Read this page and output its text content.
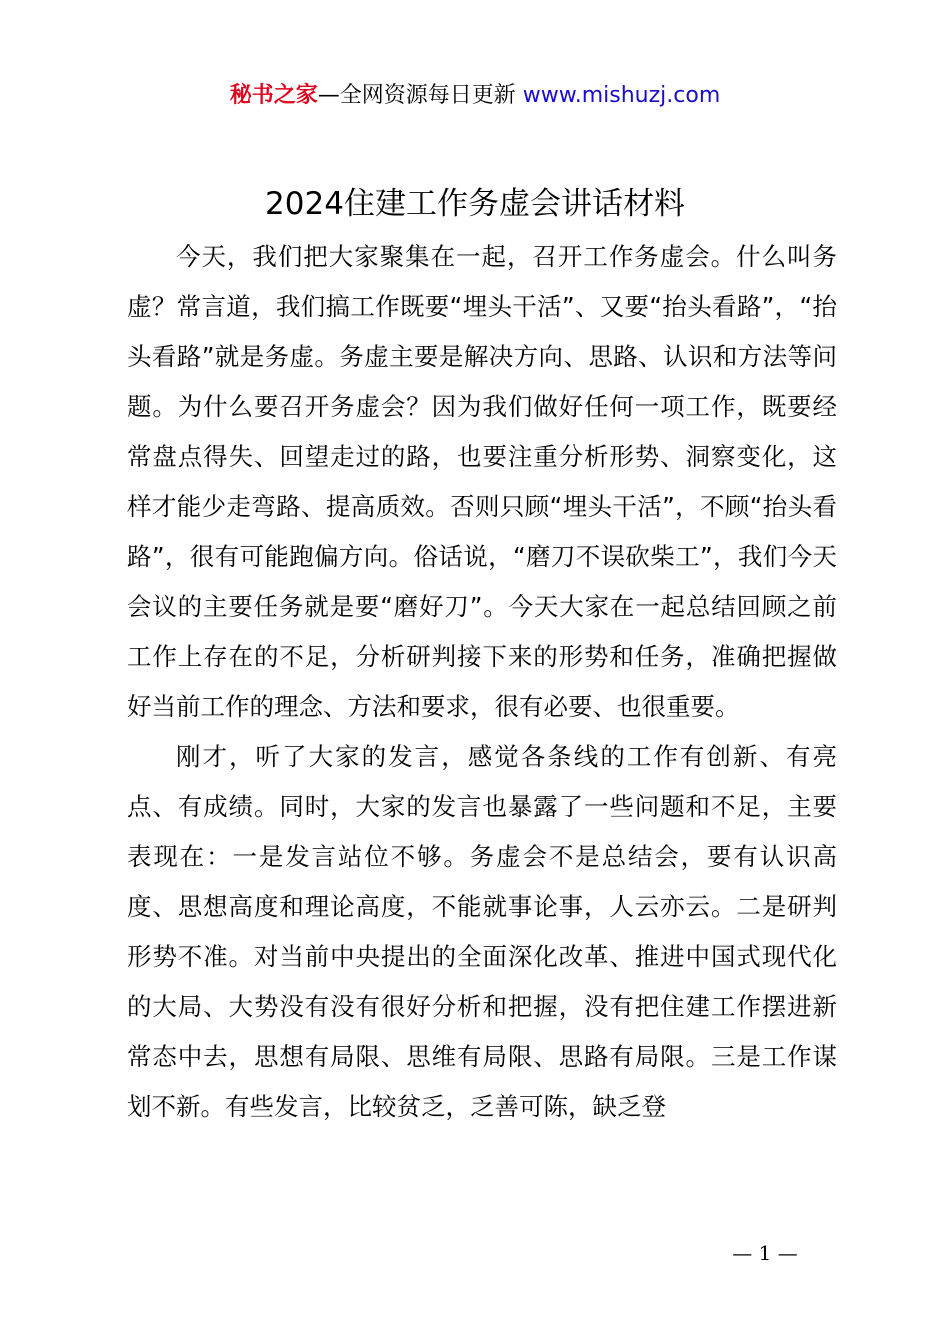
秘书之家—全网资源每日更新 www.mishuzj.com
2024住建工作务虚会讲话材料

今天，我们把大家聚集在一起，召开工作务虚会。什么叫务虚？常言道，我们搞工作既要“埋头干活”、又要“抬头看路”，“抬头看路”就是务虚。务虚主要是解决方向、思路、认识和方法等问题。为什么要召开务虚会？因为我们做好任何一项工作，既要经常盘点得失、回望走过的路，也要注重分析形势、洞察变化，这样才能少走弯路、提高质效。否则只顾“埋头干活”，不顾“抬头看路”，很有可能跑偏方向。俗话说，“磨刀不误砍柴工”，我们今天会议的主要任务就是要“磨好刀”。今天大家在一起总结回顾之前工作上存在的不足，分析研判接下来的形势和任务，准确把握做好当前工作的理念、方法和要求，很有必要、也很重要。

刚才，听了大家的发言，感觉各条线的工作有创新、有亮点、有成绩。同时，大家的发言也暴露了一些问题和不足，主要表现在：一是发言站位不够。务虚会不是总结会，要有认识高度、思想高度和理论高度，不能就事论事，人云亦云。二是研判形势不准。对当前中央提出的全面深化改革、推进中国式现代化的大局、大势没有没有很好分析和把握，没有把住建工作摆进新常态中去，思想有局限、思维有局限、思路有局限。三是工作谋划不新。有些发言，比较贫乏，乏善可陈，缺乏登

— 1 —
